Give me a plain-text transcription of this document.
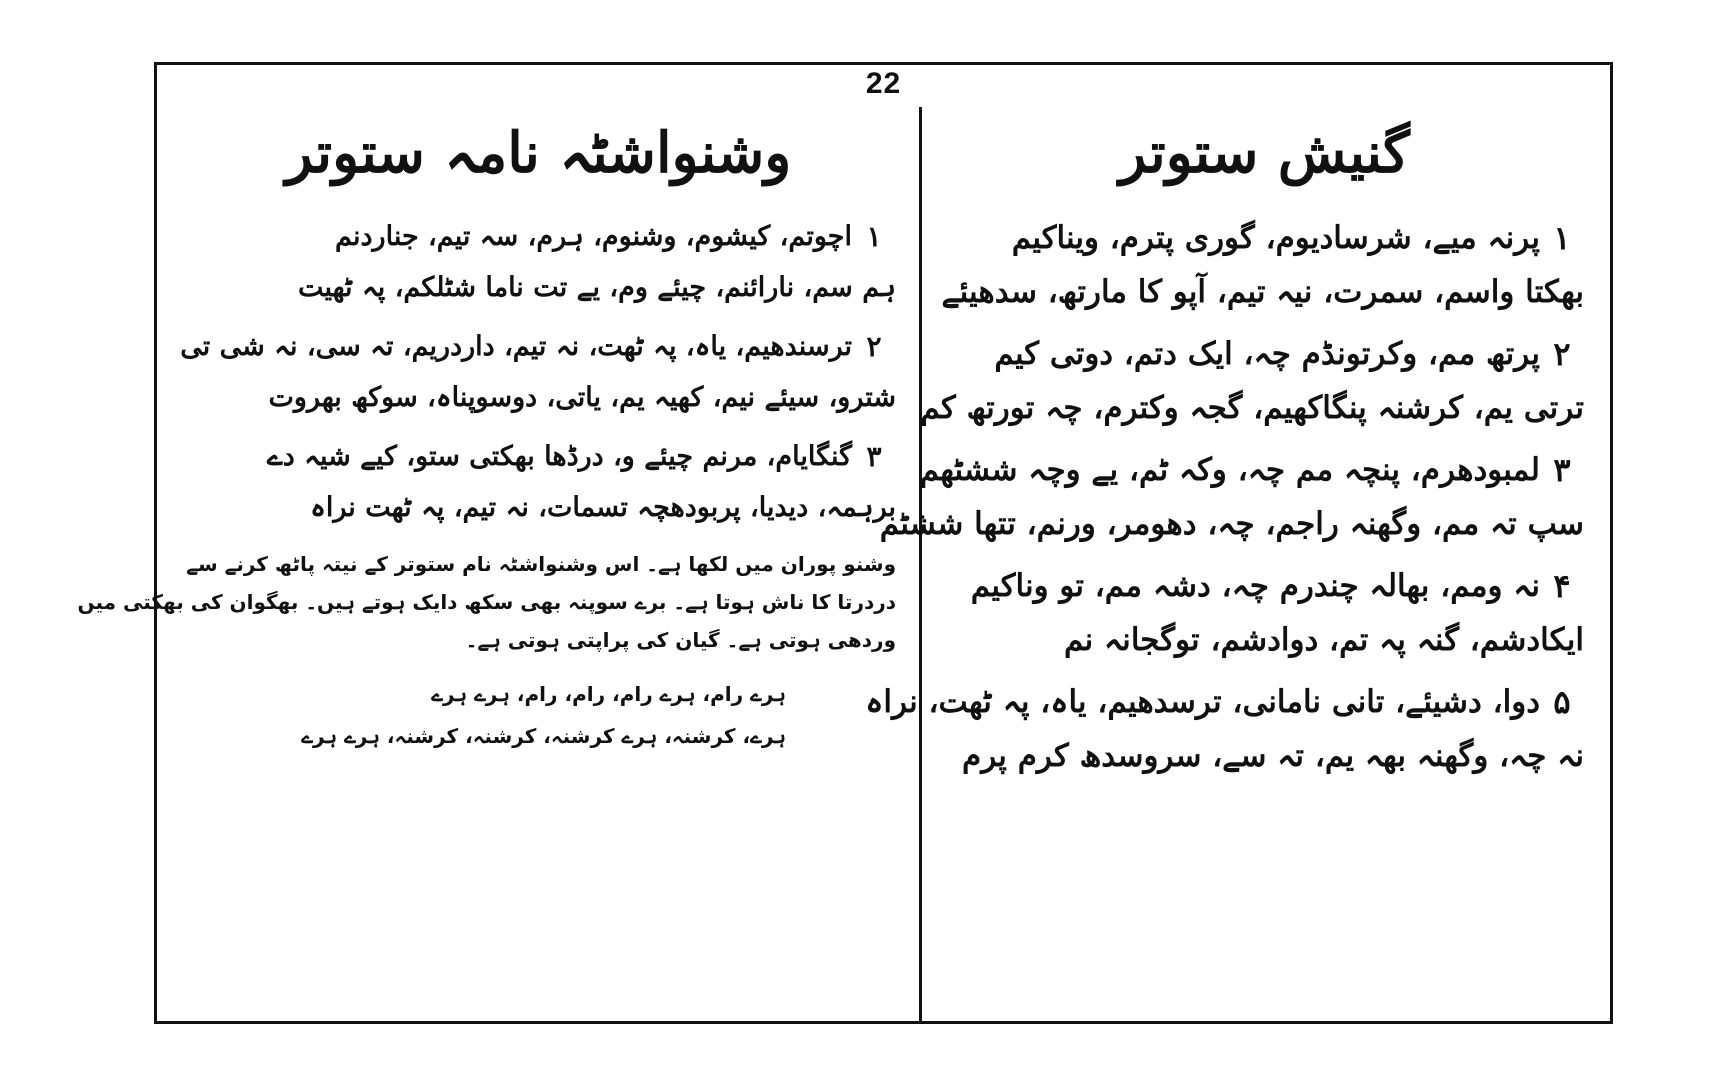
22
گنیش ستوتر
۱
پرنہ میے، شرسادیوم، گوری پترم، ویناکیم
بھکتا واسم، سمرت، نیہ تیم، آپو کا مارتھ، سدھیئے
۲
پرتھ مم، وکرتونڈم چہ، ایک دتم، دوتی کیم
ترتی یم، کرشنہ پنگاکھیم، گجہ وکترم، چہ تورتھ کم
۳
لمبودھرم، پنچہ مم چہ، وکہ ٹم، یے وچہ ششٹھم
سپ تہ مم، وگھنہ راجم، چہ، دھومر، ورنم، تتھا ششٹم
۴
نہ ومم، بھالہ چندرم چہ، دشہ مم، تو وناکیم
ایکادشم، گنہ پہ تم، دوادشم، توگجانہ نم
۵
دوا، دشیئے، تانی نامانی، ترسدھیم، یاہ، پہ ٹھت، نراہ
نہ چہ، وگھنہ بھہ یم، تہ سے، سروسدھ کرم پرم
وشنواشٹہ نامہ ستوتر
۱
اچوتم، کیشوم، وشنوم، ہرم، سہ تیم، جناردنم
ہم سم، نارائنم، چیئے وم، یے تت ناما شٹلکم، پہ ٹھیت
۲
ترسندھیم، یاہ، پہ ٹھت، نہ تیم، داردریم، تہ سی، نہ شی تی
شترو، سیئے نیم، کھیہ یم، یاتی، دوسوپناہ، سوکھ بھروت
۳
گنگایام، مرنم چیئے و، درڈھا بھکتی ستو، کیے شیہ دے
برہمہ، دیدیا، پربودھچہ تسمات، نہ تیم، پہ ٹھت نراہ
وشنو پوران میں لکھا ہے۔ اس وشنواشٹہ نام ستوتر کے نیتہ پاٹھ کرنے سے
دردرتا کا ناش ہوتا ہے۔ برے سوپنہ بھی سکھ دایک ہوتے ہیں۔ بھگوان کی بھکتی میں
وردھی ہوتی ہے۔ گیان کی پراپتی ہوتی ہے۔
ہرے رام، ہرے رام، رام، رام، ہرے ہرے
ہرے، کرشنہ، ہرے کرشنہ، کرشنہ، کرشنہ، ہرے ہرے
